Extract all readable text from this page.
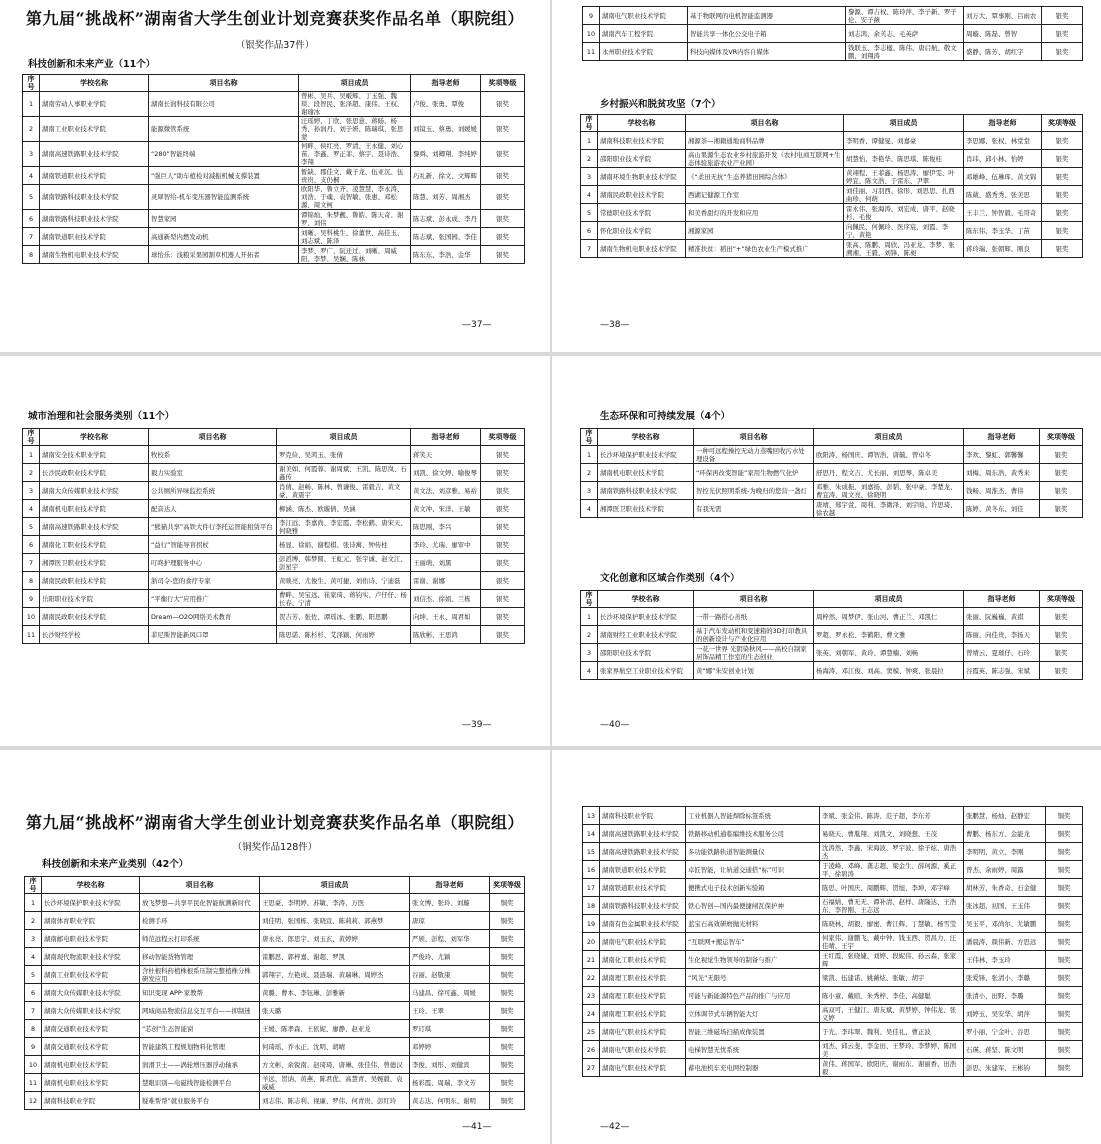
第九届“挑战杯”湖南省大学生创业计划竞赛获奖作品名单（职院组）
（银奖作品37件）
科技创新和未来产业（11个）
序号	学校名称	项目名称	项目成员	指导老师	奖项等级
1	湖南劳动人事职业学院	湖南长润科技有限公司	曾彬、吴兵、吴畈辉、丁玉强、魏琰、段智民、张泽超、康伟、王权、谢瑜冰	卢俊、张勇、覃俊	银奖
2	湖南工业职业技术学院	能源微管系统	汪瑶婷、丁欣、张思意、蒋旸、杨秀、孙润丹、刘子妍、陈瑞琪、张思蒙	刘镜玉、蔡勇、刘媛媛	银奖
3	湖南高速铁路职业技术学院	“280”智能终端	何畔、侯红亮、罗清、王永健、刘心苗、李鑫、罗正菲、蔡宇、聂诗浩、李翔	黎舜、刘卿翔、李纯婷	银奖
4	湖南铁道职业技术学院	“强巨人”助车植检对减振机械支撑装置	暂缺、郡佳文、戴子龙、伍亚沉、伍贵贵、支仍桐	巧礼新、徐文、文辉辉	银奖
5	湖南铁路科技职业技术学院	灵犀智给-机车变压器智能监测系统	欧阳华、鲁立齐、凌慧慧、李永涛、刘浩、于魂、袁智敏、张惠、邓松源、周文柯	陈慧、刘芳、周湘杰	银奖
6	湖南铁路科技职业技术学院	智慧家园	谭锦灿、朱梦靓、鲁皓、陈天奇、谢罗、刘伟	陈志斌、彭永成、李丹	银奖
7	湖南铁道职业技术学院	高通新型内燃发动机	刘晰、吴科桃生、徐董世、高佳玉、刘志斌、陈泽	陈志斌、张国园、李佳	银奖
8	湖南生物机电职业技术学院	球怡乐：浅粮采果园割草机器人开拓者	李梦、罗广、阮迁过、刘晰、周威阳、李梦、吴娴、陈林	陈东东、李浩、金华	银奖
—37—
9	湖南电气职业技术学院	基于物联网的电机智能监测器	黎源、谭吉权、陈玲萍、李子新、罗子伦、安子薇	刘万大、覃事刚、吕雨农	银奖
10	湖南汽车工程学院	智能共享一体化公交电子箱	刘志鸿、余芙志、毛英萨	周璇、陈磊、曾智	银奖
11	永州职业技术学院	科技向媒体及VR内容自媒体	钱联玉、李志楹、陈伟、唐启航、敬文鹏、刘翔涛	盛静、陈芳、胡红宇	银奖
乡村振兴和脱贫攻坚（7个）
序号	学校名称	项目名称	项目成员	指导老师	奖项等级
1	湖南科技职业技术学院	湘源茶—湘籍通地商科品牌	李明香、谭健旻、刘嘉豪	李思娜、张权、林堂堂	银奖
2	邵阳职业技术学院	高山果源生态农业乡村旅游开发（农村电商互联网+生态体验旅游农业产业园）	胡慧怡、李艳华、陈思琪、陈俊桂	肖玮、邱小林、怡婷	银奖
3	湖南环境生物职业技术学院	《“柔田无抗”生态养猪田园综合体》	黄翊程、王菲鑫、杨思涛、廖伊雯、叶婷宜、陈文浩、于雷东、尹翠	邓雄峰、伍琳珲、黄文锦	银奖
4	湖南民政职业技术学院	西湖记健源工作室	刘佳丽、习羽西、徐形、刘思思、扎西曲珍、何萌	陈葳、盛秀秀、张美思	银奖
5	常德职业技术学院	和美香甜灯的开发和应用	雷永伟、张海涛、刘宏成、唐平、赵晓杉、毛俊	王丰兰、钟智毅、毛哥奇	银奖
6	怀化职业技术学院	湘源家园	向佩民、何佩玲、医序宸、刘霞、李宁、黄艳	陈东伟、李玉华、丁苗	银奖
7	湖南生物机电职业技术学院	精准扶贫：稻田“+”绿色农业生产模式推广	张高、陈鹏、周欣、冯亚龙、李梦、张溯湘、王毅、刘锋、陈昶	蒋玲瑞、张朝辉、刚良	银奖
—38—
城市治理和社会服务类别（11个）
序号	学校名称	项目名称	项目成员	指导老师	奖项等级
1	湖南安全技术职业学院	牧校系	罗克俭、吴鸿玉、张倩	蒋笑天	银奖
2	长沙民政职业技术学院	毅力实验室	谢美如、何霞蓉、谢周斌、王凯、陈思岚、石鑫传	刘凯、徐文婷、喻俊琴	银奖
3	湖南大众传媒职业技术学院	公共厕所异味监控系统	肖倩、赵畅、陈林、曾谦俊、雷毅吉、黄文豪、黄震宇	黄文法、刘彦雅、易裕	银奖
4	湖南机电职业技术学院	配音达人	柳涵、陈杰、欧璇倩、吴涵	黄文冲、宋洋、王敏	银奖
5	湖南高速铁路职业技术学院	“熊猫共享”高铁大件行李托运智能租赁平台	李江远、李嘉尚、李宏霞、李松鹤、唐宋天、何晓雅	陈思刚、李兴	银奖
6	湖南化工职业技术学院	“益行”智能导盲拐杖	杨显、徐娟、谢程棋、张诗寓、钟传柱	李玲、尤瑞、廖审中	银奖
7	湘潭医卫职业技术学院	叮咚护理服务中心	彭滔博、韩梦圆、王虹元、张宇诚、赵文江、彭星宇	王丽萌、刘黑	银奖
8	湖南民政职业技术学院	浙司令-您的食疗专家	黄映亮、尤俊生、黄可捷、刘佑诗、宁迪磊	雷谢、谢娜	银奖
9	岳阳职业技术学院	“平衡行大”应用推广	曹畔、吴宝远、崔家琦、蒋钧实、卢仔仔、杨长春、宁清	刘信杰、徐娟、兰栋	银奖
10	湖南民政职业技术学院	Dream—O2O网络美术教育	贺吉芳、张佐、谭瑶冰、张鹏、阳思鹏	向坤、王永、周君如	银奖
11	长沙财经学校	菲尼斯智能新风口罩	陈思诺、陈杉杉、艾泽颖、何雨婷	陈欣彬、王思鸿	银奖
—39—
生态环保和可持续发展（4个）
序号	学校名称	项目名称	项目成员	指导老师	奖项等级
1	长沙环境保护职业技术学院	一种可远程操控无动力蒸嘴回收污水处理设备	欧阳涛、杨国庆、谭智浩、唐毓、曾卓冬	李欢、黎虹、郭馨馨	银奖
2	湖南机电职业技术学院	“环保再改变智能”家用生物燃气化炉	舒思丹、程文吉、尤长丽、刘思琴、陈卓美	刘梅、周东浩、黄秀来	银奖
3	湖南铁路科技职业技术学院	智控光伏照明系统-为晚归的您营一盏灯	邓雅、朱成振、刘嘉扬、彭韬、张中豪、李楚龙、曹宜涛、周文亮、徐晓明	钱畅、周淮杰、曹伟	银奖
4	湘潭医卫职业技术学院	有我无需	唐靖、郑宇萱、周利、李微泽、刘宇晗、许思琦、徐农越	陈婷、黄冬东、刘佳	银奖
文化创意和区域合作类别（4个）
序号	学校名称	项目名称	项目成员	指导老师	奖项等级
1	长沙环境保护职业技术学院	一带一路搭心善纸	周梓然、周梦伊、张山河、曹正兰、邓凯仁	张丽、阮巍巍、黄祺	银奖
2	湖南财经工业职业技术学院	基于汽车发动机和变速箱的3D打印教具的创新设计与产业化应用	罗超、罗永松、李鹤阳、曹文雅	陈丽、向佳贵、李扬天	银奖
3	邵阳职业技术学院	一花一世界 光阴染秋风——高校自制家居饰品精工作室的生态创业	张英、刘朝军、黄玲、谭慧楠、刘畅	曾靖云、夏璀仔、石玲	银奖
4	张家界航空工业职业技术学院	黄“娜”朱安创业计划	杨海涛、邓江俊、刘高、窦模、钟爽、张晨拉	谷霞英、陈志强、宋斌	银奖
—40—
第九届“挑战杯”湖南省大学生创业计划竞赛获奖作品名单（职院组）
（铜奖作品128件）
科技创新和未来产业类别（42个）
序号	学校名称	项目名称	项目成员	指导老师	奖项等级
1	长沙环境保护职业技术学院	放飞梦想—共享平民化智能航测新时代	王思豪、李明婷、苏敏、李涛、万医	张文博、张玲、刘璇	铜奖
2	湖南体育职业学院	检测手环	刘佳明、张国栋、张晓宣、陈莉莉、郭燕梦	唐琼	铜奖
3	湖南邮电职业技术学院	师范远程云打印系统	唐永亮、郎思宇、刘玉玄、黄婷婷	严颀、彭程、刘军华	铜奖
4	湖南现代物流职业技术学院	移动智能货物管理	雷鹏思、郭梓嘉、谢超、罗凯	严俊玲、尤颖	铜奖
5	湖南工业职业技术学院	含杜根科药植株根系压制完整植株分株研发应用	郭翔宇、左艳成、聂涟瑞、黄瑞琳、周婷杰	谷丽、赵敬康	铜奖
6	湖南大众传媒职业技术学院	知识变现 APP·家教帮	黄璐、曹本、李钰琳、彭雅新	马建昌、徐可鑫、周媛	铜奖
7	湖南大众传媒职业技术学院	网域商品物流信息交互平台——抑制迷	张天璐	王玲、王翠	铜奖
8	湖南交通职业技术学院	“芯创”生态智能窗	王媛、陈孝森、王依妮、廖静、赵亚龙	罗玎琪	铜奖
9	湖南交通职业技术学院	智能建筑工程规划物料化管理	何琦瑶、乔永正、沈明、胡晴	邓婷婷	铜奖
10	湖南机电职业技术学院	润滑卫士——涡轮增压器浮动轴承	方文彬、余锐南、赵琦琦、唐琳、张佳伟、曾德汉	李俊、刘彤、刘健宾	铜奖
11	湖南机电职业技术学院	慧眼识别—电磁线智能检测平台	羊远、贺讷、黄燕、陈君优、高慧青、吴婉毅、袁威威	杨彩霞、周瑞、李文芳	铜奖
12	湖南科技职业学院	疑难帮帮”就业服务平台	刘志伟、陈志利、视廉、罗伟、何青贵、彭红玲	黄志达、何明东、谢明	铜奖
—41—
13	湖南科技职业学院	工业机器人智能焊除标签系统	李斌、张金伟、陈涛、范子超、李东芳	张鹏慧、杨灿、赵静宏	铜奖
14	湖南高速铁路职业技术学院	铁路移动机通临编维技术服务公司	易晓天、曹胤翔、刘凯文、刘晓想、王茂	曹鹏、杨东方、金能龙	铜奖
15	湖南高速铁路职业技术学院	多功能铁路轨道智能测量仪	沈涛然、李鑫、宋海波、罗宇波、徐子炫、唐浩杰	李明明、黄立、李刚	铜奖
16	湖南铁道职业技术学院	卓匠智能，让轨道交通搭“标”可识	于凌峰、邓峰、龚志超、梁金生、薛珂源、奚正平、徐碧涛	曾杰、余雨婷、周露	铜奖
17	湖南铁道职业技术学院	便携式电子技术创新实验箱	陈思、叶国庆、周鹏辉、贺旭、李坤、邓宇峰	胡林芳、朱香奇、石金健	铜奖
18	湖南铁路科技职业技术学院	铁心智创—国内最便捷闸瓦保护神	石福婧、曹无无、谭补清、赵样、唐隆达、王浩东、李智刚、王志远	张冰超、初国、王玉伟	铜奖
19	湖南有色金属职业技术学院	蓝宝石高效研磨抛光材料	陈晓林、胡毅、廖蜜、曹江辉、丁慧敏、杨雪莹	吴玉平、邓尚尔、尤敏鹏	铜奖
20	湖南电气职业技术学院	“互联网+搬运智车”	何家伟、谢鹏飞、戴中钟、钱玉西、贺昌力、汪佳晴、王宇	潘晨涛、颜伟新、方思远	铜奖
21	湖南化工职业技术学院	生化视觉生物领导的制备与推广	王红霞、张晓婕、刘婷、段妮伟、孙云森、张家辉	王伟林、李玉玲	铜奖
22	湖南理工职业技术学院	“风光”无限号	梁凯、伍建诺、姚薇炫、张敏、胡宇	张爱锋、张清小、李璐	铜奖
23	湖南理工职业技术学院	可能与新能源特色产品的推广与应用	陈小童、戴暄、朱秀梓、李佳、高健聪	张清小、田野、李璐	铜奖
24	湖南理工职业技术学院	立体调节式车辆智能大灯	高双可、王健江、唐友斌、黄梦婷、钟伟龙、张义婷	刘婷玉、吴安华、胡萍	铜奖
25	湖南电气职业技术学院	智能三维磁场扫描成像装置	于光、李玮翠、魏利、吴佳礼、曹正波	罗小丽、宁金叶、谷思	铜奖
26	湖南电气职业技术学院	电梯智慧无忧系统	刘杰、邱云斐、李金田、王梦玲、李梦婷、陈国美	石瑛、蒋坚、陈文明	铜奖
27	湖南电气职业技术学院	蓄电池机车充电网控制器	黄伟、蒋国军、欧阳庆、谢雨东、谢丽香、田浩毅	彭思、朱建军、王彬钧	铜奖
—42—
